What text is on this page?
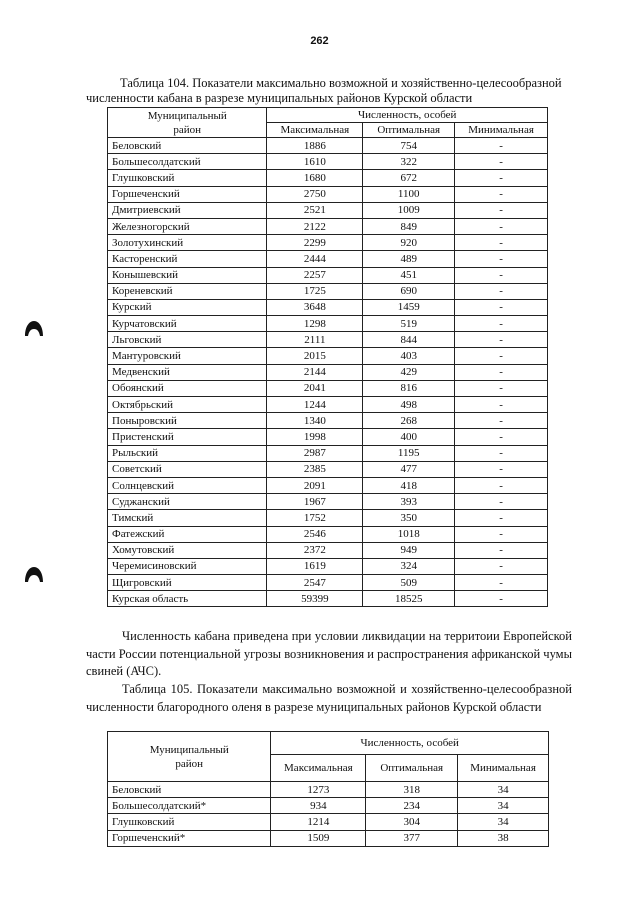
262
Таблица 104. Показатели максимально возможной и хозяйственно-целесообразной
численности кабана в разрезе муниципальных районов Курской области
Муниципальный
район	Численность, особей		
	Максимальная	Оптимальная	Минимальная
Беловский	1886	754	-
Большесолдатский	1610	322	-
Глушковский	1680	672	-
Горшеченский	2750	1100	-
Дмитриевский	2521	1009	-
Железногорский	2122	849	-
Золотухинский	2299	920	-
Касторенский	2444	489	-
Конышевский	2257	451	-
Кореневский	1725	690	-
Курский	3648	1459	-
Курчатовский	1298	519	-
Льговский	2111	844	-
Мантуровский	2015	403	-
Медвенский	2144	429	-
Обоянский	2041	816	-
Октябрьский	1244	498	-
Поныровский	1340	268	-
Пристенский	1998	400	-
Рыльский	2987	1195	-
Советский	2385	477	-
Солнцевский	2091	418	-
Суджанский	1967	393	-
Тимский	1752	350	-
Фатежский	2546	1018	-
Хомутовский	2372	949	-
Черемисиновский	1619	324	-
Щигровский	2547	509	-
Курская область	59399	18525	-
Численность кабана приведена при условии ликвидации на территоии Европейской части России потенциальной угрозы возникновения и распространения африканской чумы свиней (АЧС).
Таблица 105. Показатели максимально возможной и хозяйственно-целесообразной численности благородного оленя в разрезе муниципальных районов Курской области
Муниципальный
район	Численность, особей		
	Максимальная	Оптимальная	Минимальная
Беловский	1273	318	34
Большесолдатский*	934	234	34
Глушковский	1214	304	34
Горшеченский*	1509	377	38
